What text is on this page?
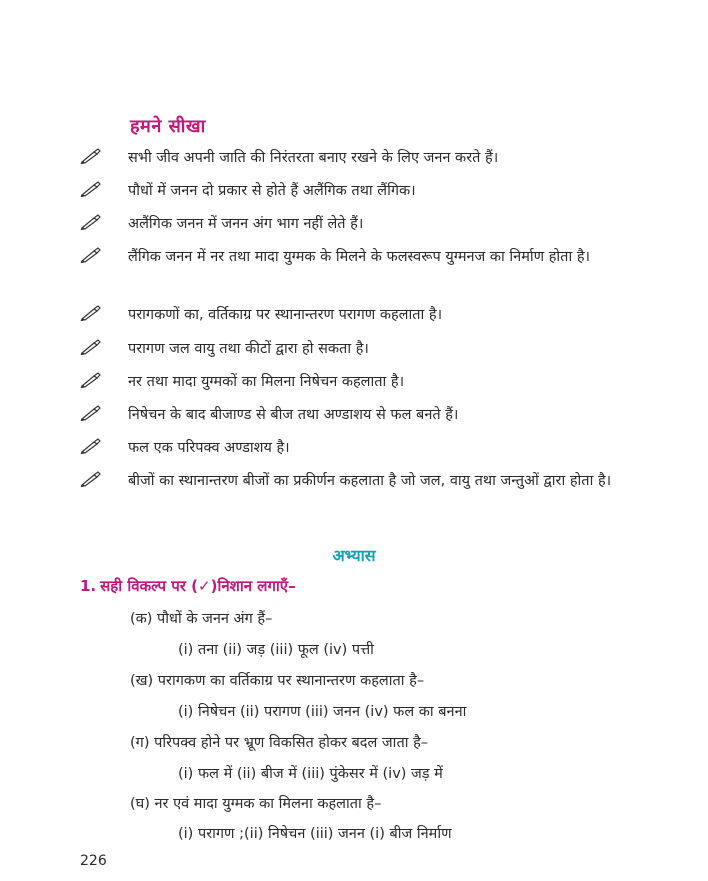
हमने सीखा
सभी जीव अपनी जाति की निरंतरता बनाए रखने के लिए जनन करते हैं।
पौधों में जनन दो प्रकार से होते हैं अलैंगिक तथा लैंगिक।
अलैंगिक जनन में जनन अंग भाग नहीं लेते हैं।
लैंगिक जनन में नर तथा मादा युग्मक के मिलने के फलस्वरूप युग्मनज का निर्माण होता है।
परागकणों का, वर्तिकाग्र पर स्थानान्तरण परागण कहलाता है।
परागण जल वायु तथा कीटों द्वारा हो सकता है।
नर तथा मादा युग्मकों का मिलना निषेचन कहलाता है।
निषेचन के बाद बीजाण्ड से बीज तथा अण्डाशय से फल बनते हैं।
फल एक परिपक्व अण्डाशय है।
बीजों का स्थानान्तरण बीजों का प्रकीर्णन कहलाता है जो जल, वायु तथा जन्तुओं द्वारा होता है।
अभ्यास
1. सही विकल्प पर (✓)निशान लगाएँ–
(क) पौधों के जनन अंग हैं–
(i) तना (ii) जड़ (iii) फूल (iv) पत्ती
(ख) परागकण का वर्तिकाग्र पर स्थानान्तरण कहलाता है–
(i) निषेचन (ii) परागण (iii) जनन (iv) फल का बनना
(ग) परिपक्व होने पर भ्रूण विकसित होकर बदल जाता है–
(i) फल में (ii) बीज में (iii) पुंकेसर में (iv) जड़ में
(घ) नर एवं मादा युग्मक का मिलना कहलाता है–
(i) परागण ;(ii) निषेचन (iii) जनन (i) बीज निर्माण
226
